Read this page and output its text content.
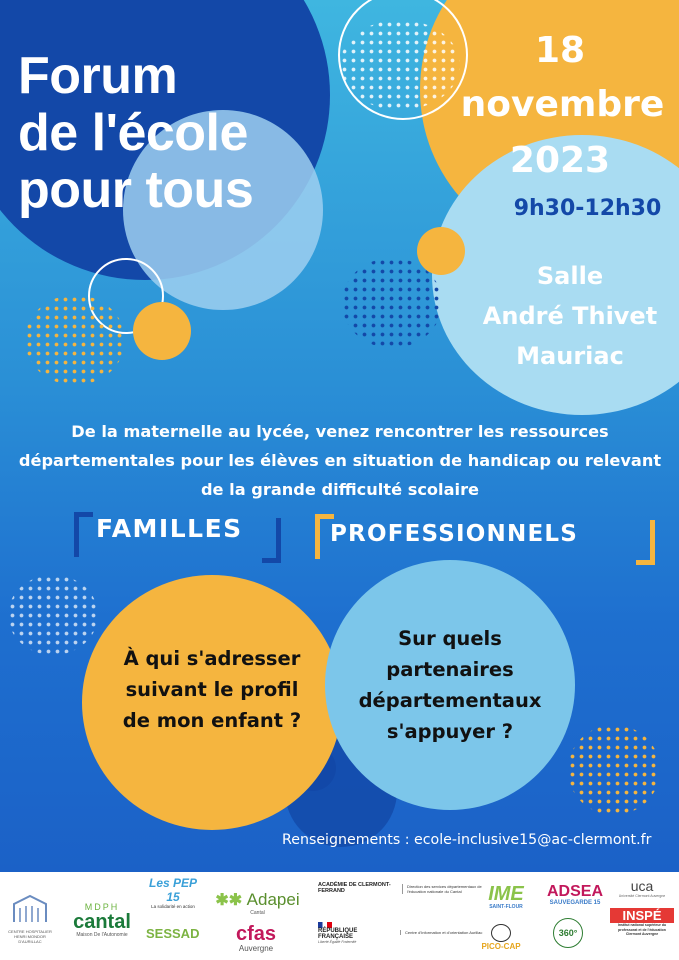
Forum
de l'école
pour tous
18
novembre
2023
9h30-12h30
Salle
André Thivet
Mauriac
De la maternelle au lycée, venez rencontrer les ressources départementales pour les élèves en situation de handicap ou relevant de la grande difficulté scolaire
FAMILLES	PROFESSIONNELS
À qui s'adresser
suivant le profil
de mon enfant ?
Sur quels
partenaires
départementaux
s'appuyer ?
Renseignements : ecole-inclusive15@ac-clermont.fr
CENTRE HOSPITALIER HENRI MONDOR D'AURILLAC
MDPH
cantal
Maison De l'Autonomie
Les PEP 15
La solidarité en action
SESSAD
✱✱ Adapei
Cantal
cfas
Auvergne
ACADÉMIE DE CLERMONT-FERRAND
Direction des services départementaux de l'éducation nationale du Cantal
RÉPUBLIQUE FRANÇAISE
Liberté Égalité Fraternité
Centre d'Information et d'orientation Aurillac
IME
SAINT-FLOUR
PICO-CAP
ADSEA
SAUVEGARDE 15
360°
uca
Université Clermont Auvergne
INSPÉ
Institut national supérieur du professorat et de l'éducation Clermont Auvergne
